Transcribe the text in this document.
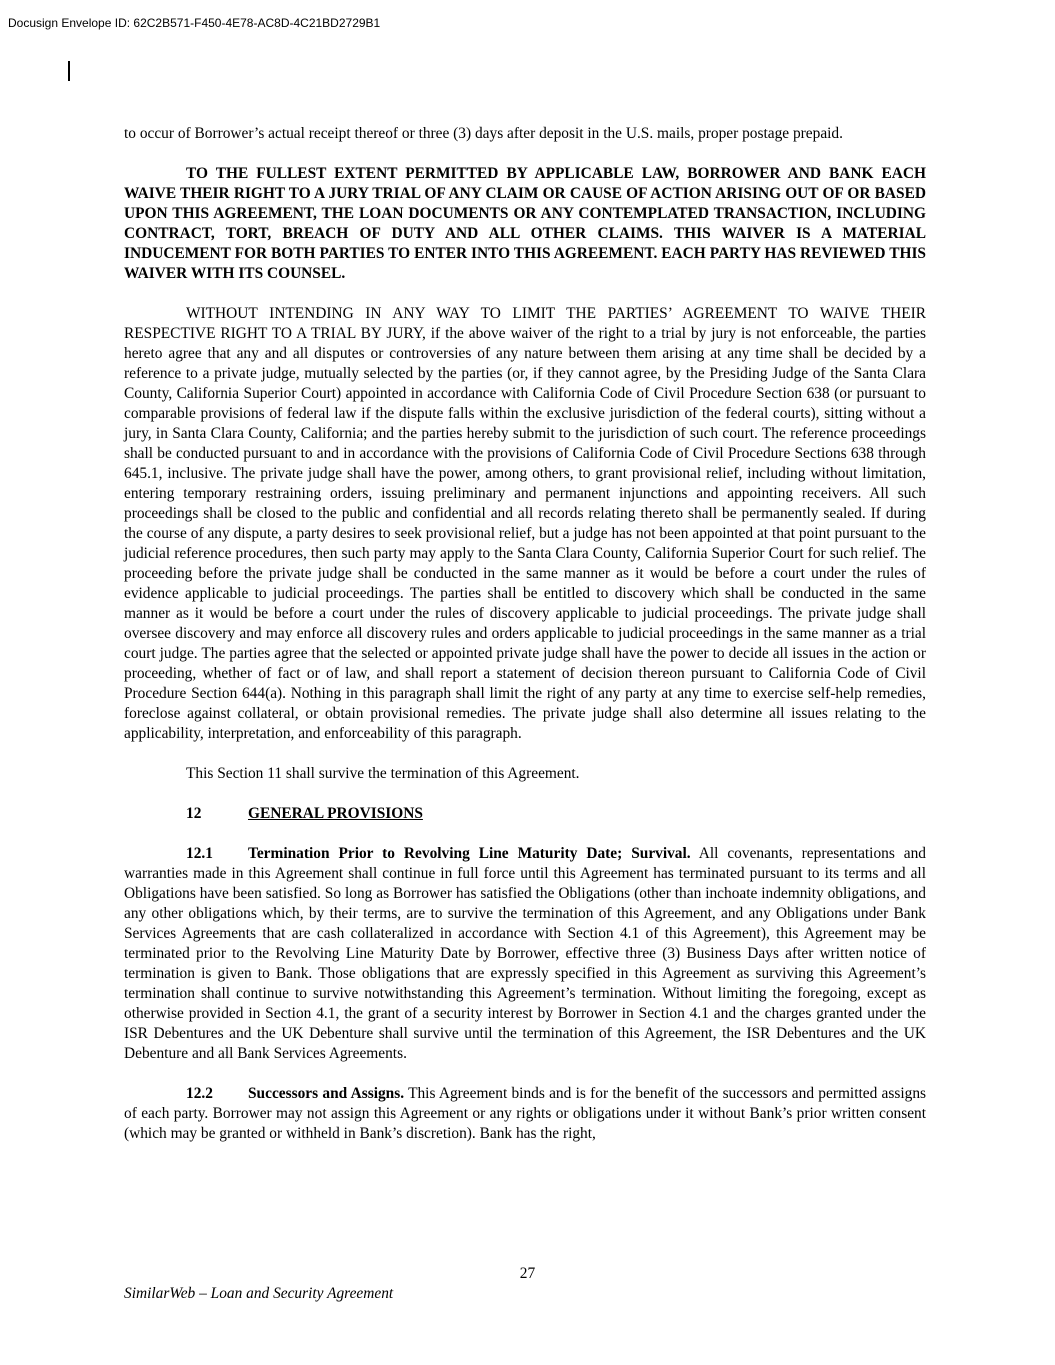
Docusign Envelope ID: 62C2B571-F450-4E78-AC8D-4C21BD2729B1

to occur of Borrower’s actual receipt thereof or three (3) days after deposit in the U.S. mails, proper postage prepaid.

TO THE FULLEST EXTENT PERMITTED BY APPLICABLE LAW, BORROWER AND BANK EACH WAIVE THEIR RIGHT TO A JURY TRIAL OF ANY CLAIM OR CAUSE OF ACTION ARISING OUT OF OR BASED UPON THIS AGREEMENT, THE LOAN DOCUMENTS OR ANY CONTEMPLATED TRANSACTION, INCLUDING CONTRACT, TORT, BREACH OF DUTY AND ALL OTHER CLAIMS. THIS WAIVER IS A MATERIAL INDUCEMENT FOR BOTH PARTIES TO ENTER INTO THIS AGREEMENT. EACH PARTY HAS REVIEWED THIS WAIVER WITH ITS COUNSEL.

WITHOUT INTENDING IN ANY WAY TO LIMIT THE PARTIES’ AGREEMENT TO WAIVE THEIR RESPECTIVE RIGHT TO A TRIAL BY JURY, if the above waiver of the right to a trial by jury is not enforceable, the parties hereto agree that any and all disputes or controversies of any nature between them arising at any time shall be decided by a reference to a private judge, mutually selected by the parties (or, if they cannot agree, by the Presiding Judge of the Santa Clara County, California Superior Court) appointed in accordance with California Code of Civil Procedure Section 638 (or pursuant to comparable provisions of federal law if the dispute falls within the exclusive jurisdiction of the federal courts), sitting without a jury, in Santa Clara County, California; and the parties hereby submit to the jurisdiction of such court. The reference proceedings shall be conducted pursuant to and in accordance with the provisions of California Code of Civil Procedure Sections 638 through 645.1, inclusive. The private judge shall have the power, among others, to grant provisional relief, including without limitation, entering temporary restraining orders, issuing preliminary and permanent injunctions and appointing receivers. All such proceedings shall be closed to the public and confidential and all records relating thereto shall be permanently sealed. If during the course of any dispute, a party desires to seek provisional relief, but a judge has not been appointed at that point pursuant to the judicial reference procedures, then such party may apply to the Santa Clara County, California Superior Court for such relief. The proceeding before the private judge shall be conducted in the same manner as it would be before a court under the rules of evidence applicable to judicial proceedings. The parties shall be entitled to discovery which shall be conducted in the same manner as it would be before a court under the rules of discovery applicable to judicial proceedings. The private judge shall oversee discovery and may enforce all discovery rules and orders applicable to judicial proceedings in the same manner as a trial court judge. The parties agree that the selected or appointed private judge shall have the power to decide all issues in the action or proceeding, whether of fact or of law, and shall report a statement of decision thereon pursuant to California Code of Civil Procedure Section 644(a). Nothing in this paragraph shall limit the right of any party at any time to exercise self-help remedies, foreclose against collateral, or obtain provisional remedies. The private judge shall also determine all issues relating to the applicability, interpretation, and enforceability of this paragraph.

This Section 11 shall survive the termination of this Agreement.

12	GENERAL PROVISIONS

12.1 Termination Prior to Revolving Line Maturity Date; Survival. All covenants, representations and warranties made in this Agreement shall continue in full force until this Agreement has terminated pursuant to its terms and all Obligations have been satisfied. So long as Borrower has satisfied the Obligations (other than inchoate indemnity obligations, and any other obligations which, by their terms, are to survive the termination of this Agreement, and any Obligations under Bank Services Agreements that are cash collateralized in accordance with Section 4.1 of this Agreement), this Agreement may be terminated prior to the Revolving Line Maturity Date by Borrower, effective three (3) Business Days after written notice of termination is given to Bank. Those obligations that are expressly specified in this Agreement as surviving this Agreement’s termination shall continue to survive notwithstanding this Agreement’s termination. Without limiting the foregoing, except as otherwise provided in Section 4.1, the grant of a security interest by Borrower in Section 4.1 and the charges granted under the ISR Debentures and the UK Debenture shall survive until the termination of this Agreement, the ISR Debentures and the UK Debenture and all Bank Services Agreements.

12.2 Successors and Assigns. This Agreement binds and is for the benefit of the successors and permitted assigns of each party. Borrower may not assign this Agreement or any rights or obligations under it without Bank’s prior written consent (which may be granted or withheld in Bank’s discretion). Bank has the right,

27
SimilarWeb – Loan and Security Agreement
